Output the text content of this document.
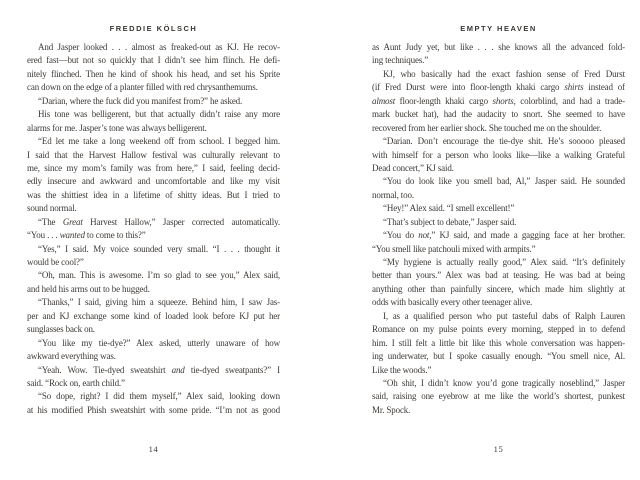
FREDDIE KÖLSCH
And Jasper looked . . . almost as freaked-out as KJ. He recov-
ered fast—but not so quickly that I didn’t see him flinch. He defi-
nitely flinched. Then he kind of shook his head, and set his Sprite
can down on the edge of a planter filled with red chrysanthemums.
“Darian, where the fuck did you manifest from?” he asked.
His tone was belligerent, but that actually didn’t raise any more
alarms for me. Jasper’s tone was always belligerent.
“Ed let me take a long weekend off from school. I begged him.
I said that the Harvest Hallow festival was culturally relevant to
me, since my mom’s family was from here,” I said, feeling decid-
edly insecure and awkward and uncomfortable and like my visit
was the shittiest idea in a lifetime of shitty ideas. But I tried to
sound normal.
“The Great Harvest Hallow,” Jasper corrected automatically.
“You . . . wanted to come to this?”
“Yes,” I said. My voice sounded very small. “I . . . thought it
would be cool?”
“Oh, man. This is awesome. I’m so glad to see you,” Alex said,
and held his arms out to be hugged.
“Thanks,” I said, giving him a squeeze. Behind him, I saw Jas-
per and KJ exchange some kind of loaded look before KJ put her
sunglasses back on.
“You like my tie-dye?” Alex asked, utterly unaware of how
awkward everything was.
“Yeah. Wow. Tie-dyed sweatshirt and tie-dyed sweatpants?” I
said. “Rock on, earth child.”
“So dope, right? I did them myself,” Alex said, looking down
at his modified Phish sweatshirt with some pride. “I’m not as good
14
EMPTY HEAVEN
as Aunt Judy yet, but like . . . she knows all the advanced fold-
ing techniques.”
KJ, who basically had the exact fashion sense of Fred Durst
(if Fred Durst were into floor-length khaki cargo shirts instead of
almost floor-length khaki cargo shorts, colorblind, and had a trade-
mark bucket hat), had the audacity to snort. She seemed to have
recovered from her earlier shock. She touched me on the shoulder.
“Darian. Don’t encourage the tie-dye shit. He’s sooooo pleased
with himself for a person who looks like—like a walking Grateful
Dead concert,” KJ said.
“You do look like you smell bad, Al,” Jasper said. He sounded
normal, too.
“Hey!” Alex said. “I smell excellent!”
“That’s subject to debate,” Jasper said.
“You do not,” KJ said, and made a gagging face at her brother.
“You smell like patchouli mixed with armpits.”
“My hygiene is actually really good,” Alex said. “It’s definitely
better than yours.” Alex was bad at teasing. He was bad at being
anything other than painfully sincere, which made him slightly at
odds with basically every other teenager alive.
I, as a qualified person who put tasteful dabs of Ralph Lauren
Romance on my pulse points every morning, stepped in to defend
him. I still felt a little bit like this whole conversation was happen-
ing underwater, but I spoke casually enough. “You smell nice, Al.
Like the woods.”
“Oh shit, I didn’t know you’d gone tragically noseblind,” Jasper
said, raising one eyebrow at me like the world’s shortest, punkest
Mr. Spock.
15
